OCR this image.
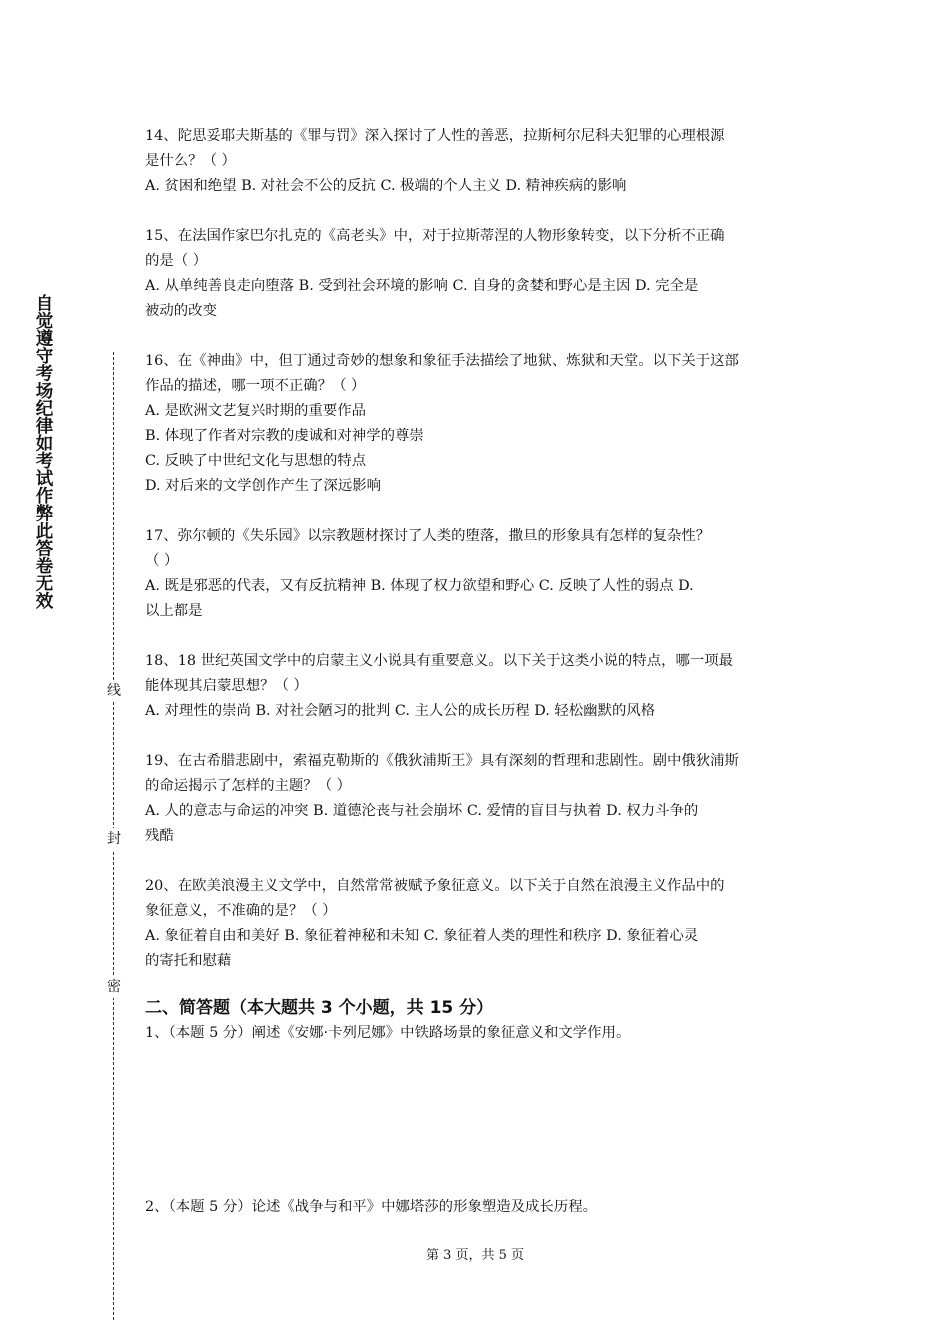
自觉遵守考场纪律如考试作弊此答卷无效
线
封
密

14、陀思妥耶夫斯基的《罪与罚》深入探讨了人性的善恶，拉斯柯尔尼科夫犯罪的心理根源

是什么？（ ）

A. 贫困和绝望 B. 对社会不公的反抗 C. 极端的个人主义 D. 精神疾病的影响

15、在法国作家巴尔扎克的《高老头》中，对于拉斯蒂涅的人物形象转变，以下分析不正确

的是（ ）

A. 从单纯善良走向堕落 B. 受到社会环境的影响 C. 自身的贪婪和野心是主因 D. 完全是

被动的改变

16、在《神曲》中，但丁通过奇妙的想象和象征手法描绘了地狱、炼狱和天堂。以下关于这部

作品的描述，哪一项不正确？（ ）

A. 是欧洲文艺复兴时期的重要作品

B. 体现了作者对宗教的虔诚和对神学的尊崇

C. 反映了中世纪文化与思想的特点

D. 对后来的文学创作产生了深远影响

17、弥尔顿的《失乐园》以宗教题材探讨了人类的堕落，撒旦的形象具有怎样的复杂性？

（ ）

A. 既是邪恶的代表，又有反抗精神 B. 体现了权力欲望和野心 C. 反映了人性的弱点 D.

以上都是

18、18 世纪英国文学中的启蒙主义小说具有重要意义。以下关于这类小说的特点，哪一项最

能体现其启蒙思想？（ ）

A. 对理性的崇尚 B. 对社会陋习的批判 C. 主人公的成长历程 D. 轻松幽默的风格

19、在古希腊悲剧中，索福克勒斯的《俄狄浦斯王》具有深刻的哲理和悲剧性。剧中俄狄浦斯

的命运揭示了怎样的主题？（ ）

A. 人的意志与命运的冲突 B. 道德沦丧与社会崩坏 C. 爱情的盲目与执着 D. 权力斗争的

残酷

20、在欧美浪漫主义文学中，自然常常被赋予象征意义。以下关于自然在浪漫主义作品中的

象征意义，不准确的是？（ ）

A. 象征着自由和美好 B. 象征着神秘和未知 C. 象征着人类的理性和秩序 D. 象征着心灵

的寄托和慰藉

二、简答题（本大题共 3 个小题，共 15 分）

1、（本题 5 分）阐述《安娜·卡列尼娜》中铁路场景的象征意义和文学作用。

2、（本题 5 分）论述《战争与和平》中娜塔莎的形象塑造及成长历程。

第 3 页，共 5 页
